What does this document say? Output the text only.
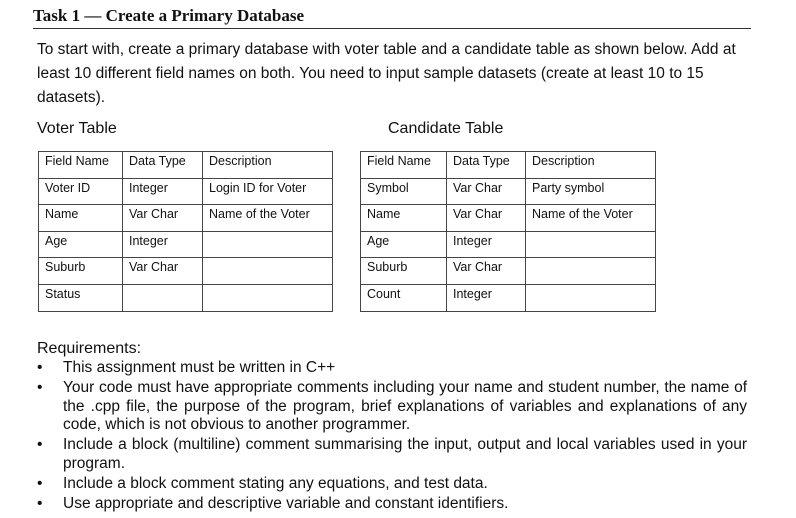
Task 1 — Create a Primary Database

To start with, create a primary database with voter table and a candidate table as shown below. Add at least 10 different field names on both. You need to input sample datasets (create at least 10 to 15 datasets).

Voter Table	Candidate Table
Field Name	Data Type	Description
Voter ID	Integer	Login ID for Voter
Name	Var Char	Name of the Voter
Age	Integer	
Suburb	Var Char	
Status		
Field Name	Data Type	Description
Symbol	Var Char	Party symbol
Name	Var Char	Name of the Voter
Age	Integer	
Suburb	Var Char	
Count	Integer	
Requirements:
• This assignment must be written in C++
• Your code must have appropriate comments including your name and student number, the name of the .cpp file, the purpose of the program, brief explanations of variables and explanations of any code, which is not obvious to another programmer.
• Include a block (multiline) comment summarising the input, output and local variables used in your program.
• Include a block comment stating any equations, and test data.
• Use appropriate and descriptive variable and constant identifiers.
